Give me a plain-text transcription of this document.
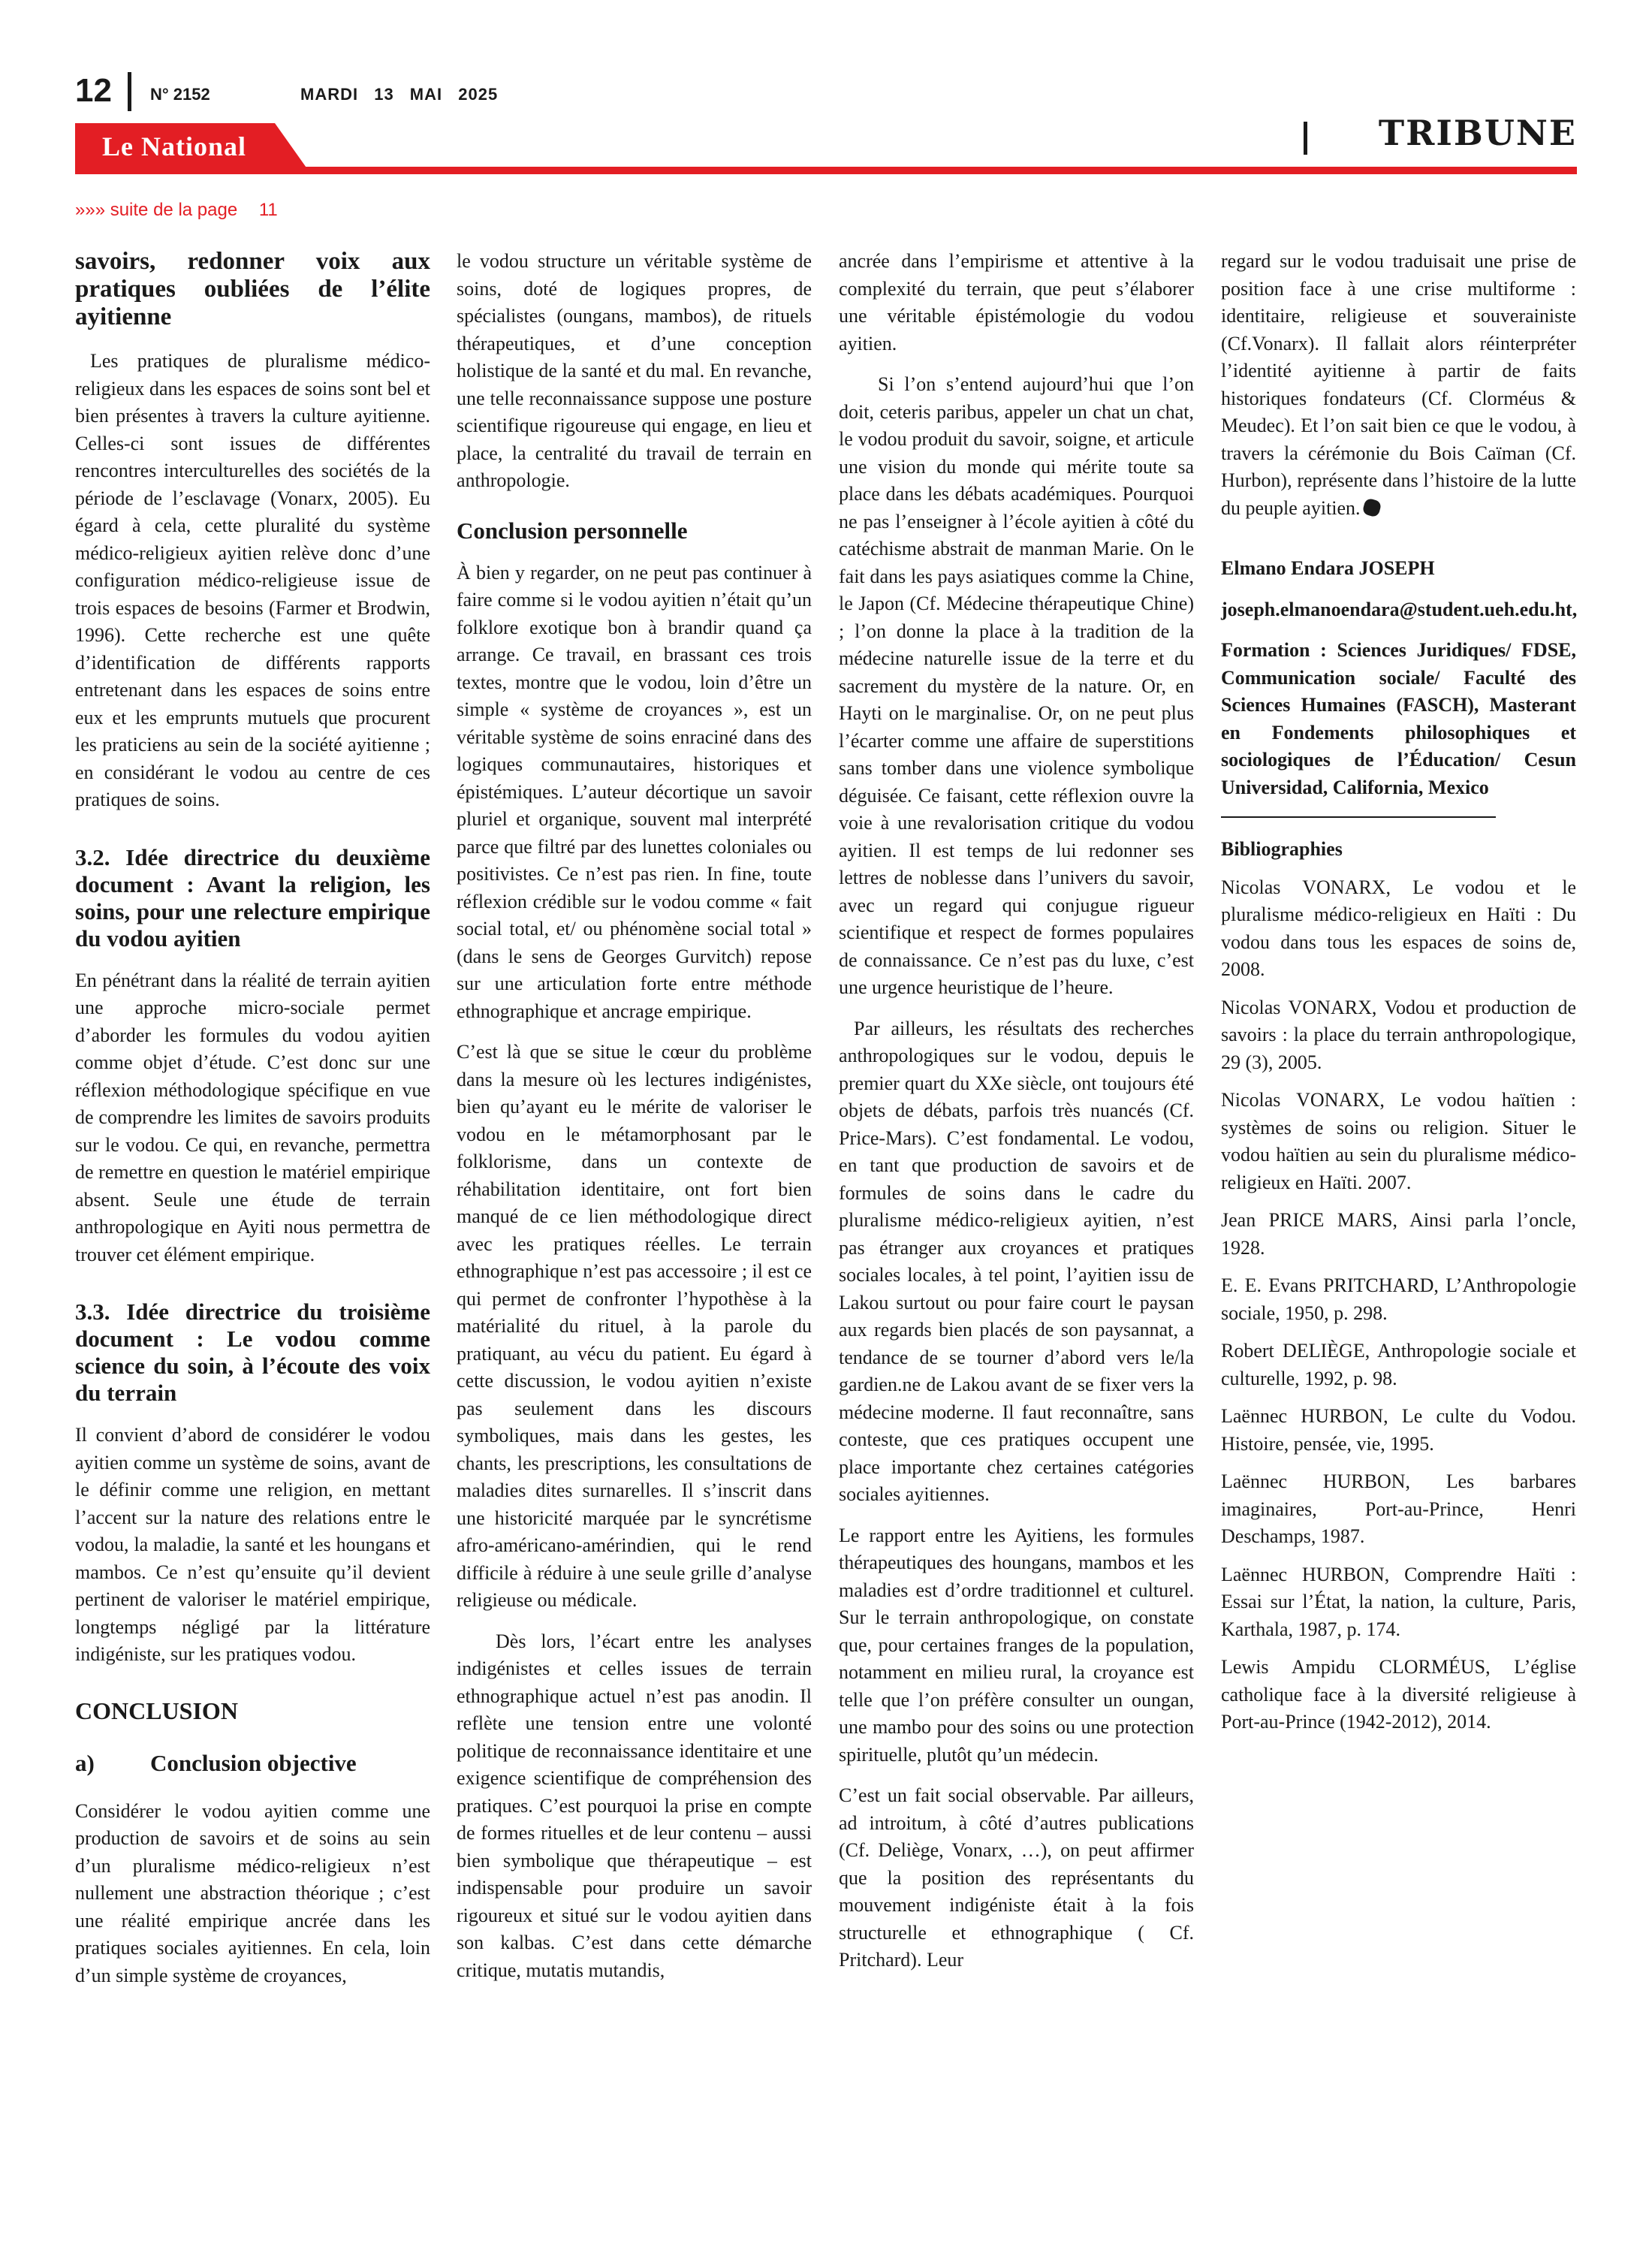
12 N° 2152	MARDI 13 MAI 2025
TRIBUNE
Le National
»»» suite de la page 11
savoirs, redonner voix aux pratiques oubliées de l’élite ayitienne

Les pratiques de pluralisme médico-religieux dans les espaces de soins sont bel et bien présentes à travers la culture ayitienne. Celles-ci sont issues de différentes rencontres interculturelles des sociétés de la période de l’esclavage (Vonarx, 2005). Eu égard à cela, cette pluralité du système médico-religieux ayitien relève donc d’une configuration médico-religieuse issue de trois espaces de besoins (Farmer et Brodwin, 1996). Cette recherche est une quête d’identification de différents rapports entretenant dans les espaces de soins entre eux et les emprunts mutuels que procurent les praticiens au sein de la société ayitienne ; en considérant le vodou au centre de ces pratiques de soins.

3.2. Idée directrice du deuxième document : Avant la religion, les soins, pour une relecture empirique du vodou ayitien

En pénétrant dans la réalité de terrain ayitien une approche micro-sociale permet d’aborder les formules du vodou ayitien comme objet d’étude. C’est donc sur une réflexion méthodologique spécifique en vue de comprendre les limites de savoirs produits sur le vodou. Ce qui, en revanche, permettra de remettre en question le matériel empirique absent. Seule une étude de terrain anthropologique en Ayiti nous permettra de trouver cet élément empirique.

3.3. Idée directrice du troisième document : Le vodou comme science du soin, à l’écoute des voix du terrain

Il convient d’abord de considérer le vodou ayitien comme un système de soins, avant de le définir comme une religion, en mettant l’accent sur la nature des relations entre le vodou, la maladie, la santé et les houngans et mambos. Ce n’est qu’ensuite qu’il devient pertinent de valoriser le matériel empirique, longtemps négligé par la littérature indigéniste, sur les pratiques vodou.

CONCLUSION
a) Conclusion objective

Considérer le vodou ayitien comme une production de savoirs et de soins au sein d’un pluralisme médico-religieux n’est nullement une abstraction théorique ; c’est une réalité empirique ancrée dans les pratiques sociales ayitiennes. En cela, loin d’un simple système de croyances,

le vodou structure un véritable système de soins, doté de logiques propres, de spécialistes (oungans, mambos), de rituels thérapeutiques, et d’une conception holistique de la santé et du mal. En revanche, une telle reconnaissance suppose une posture scientifique rigoureuse qui engage, en lieu et place, la centralité du travail de terrain en anthropologie.

Conclusion personnelle

À bien y regarder, on ne peut pas continuer à faire comme si le vodou ayitien n’était qu’un folklore exotique bon à brandir quand ça arrange. Ce travail, en brassant ces trois textes, montre que le vodou, loin d’être un simple « système de croyances », est un véritable système de soins enraciné dans des logiques communautaires, historiques et épistémiques. L’auteur décortique un savoir pluriel et organique, souvent mal interprété parce que filtré par des lunettes coloniales ou positivistes. Ce n’est pas rien. In fine, toute réflexion crédible sur le vodou comme « fait social total, et/ ou phénomène social total » (dans le sens de Georges Gurvitch) repose sur une articulation forte entre méthode ethnographique et ancrage empirique.

C’est là que se situe le cœur du problème dans la mesure où les lectures indigénistes, bien qu’ayant eu le mérite de valoriser le vodou en le métamorphosant par le folklorisme, dans un contexte de réhabilitation identitaire, ont fort bien manqué de ce lien méthodologique direct avec les pratiques réelles. Le terrain ethnographique n’est pas accessoire ; il est ce qui permet de confronter l’hypothèse à la matérialité du rituel, à la parole du pratiquant, au vécu du patient. Eu égard à cette discussion, le vodou ayitien n’existe pas seulement dans les discours symboliques, mais dans les gestes, les chants, les prescriptions, les consultations de maladies dites surnarelles. Il s’inscrit dans une historicité marquée par le syncrétisme afro-américano-amérindien, qui le rend difficile à réduire à une seule grille d’analyse religieuse ou médicale.

Dès lors, l’écart entre les analyses indigénistes et celles issues de terrain ethnographique actuel n’est pas anodin. Il reflète une tension entre une volonté politique de reconnaissance identitaire et une exigence scientifique de compréhension des pratiques. C’est pourquoi la prise en compte de formes rituelles et de leur contenu – aussi bien symbolique que thérapeutique – est indispensable pour produire un savoir rigoureux et situé sur le vodou ayitien dans son kalbas. C’est dans cette démarche critique, mutatis mutandis,

ancrée dans l’empirisme et attentive à la complexité du terrain, que peut s’élaborer une véritable épistémologie du vodou ayitien.

Si l’on s’entend aujourd’hui que l’on doit, ceteris paribus, appeler un chat un chat, le vodou produit du savoir, soigne, et articule une vision du monde qui mérite toute sa place dans les débats académiques. Pourquoi ne pas l’enseigner à l’école ayitien à côté du catéchisme abstrait de manman Marie. On le fait dans les pays asiatiques comme la Chine, le Japon (Cf. Médecine thérapeutique Chine) ; l’on donne la place à la tradition de la médecine naturelle issue de la terre et du sacrement du mystère de la nature. Or, en Hayti on le marginalise. Or, on ne peut plus l’écarter comme une affaire de superstitions sans tomber dans une violence symbolique déguisée. Ce faisant, cette réflexion ouvre la voie à une revalorisation critique du vodou ayitien. Il est temps de lui redonner ses lettres de noblesse dans l’univers du savoir, avec un regard qui conjugue rigueur scientifique et respect de formes populaires de connaissance. Ce n’est pas du luxe, c’est une urgence heuristique de l’heure.

Par ailleurs, les résultats des recherches anthropologiques sur le vodou, depuis le premier quart du XXe siècle, ont toujours été objets de débats, parfois très nuancés (Cf. Price-Mars). C’est fondamental. Le vodou, en tant que production de savoirs et de formules de soins dans le cadre du pluralisme médico-religieux ayitien, n’est pas étranger aux croyances et pratiques sociales locales, à tel point, l’ayitien issu de Lakou surtout ou pour faire court le paysan aux regards bien placés de son paysannat, a tendance de se tourner d’abord vers le/la gardien.ne de Lakou avant de se fixer vers la médecine moderne. Il faut reconnaître, sans conteste, que ces pratiques occupent une place importante chez certaines catégories sociales ayitiennes.

Le rapport entre les Ayitiens, les formules thérapeutiques des houngans, mambos et les maladies est d’ordre traditionnel et culturel. Sur le terrain anthropologique, on constate que, pour certaines franges de la population, notamment en milieu rural, la croyance est telle que l’on préfère consulter un oungan, une mambo pour des soins ou une protection spirituelle, plutôt qu’un médecin.

C’est un fait social observable. Par ailleurs, ad introitum, à côté d’autres publications (Cf. Deliège, Vonarx, …), on peut affirmer que la position des représentants du mouvement indigéniste était à la fois structurelle et ethnographique ( Cf. Pritchard). Leur

regard sur le vodou traduisait une prise de position face à une crise multiforme : identitaire, religieuse et souverainiste (Cf.Vonarx). Il fallait alors réinterpréter l’identité ayitienne à partir de faits historiques fondateurs (Cf. Clorméus & Meudec). Et l’on sait bien ce que le vodou, à travers la cérémonie du Bois Caïman (Cf. Hurbon), représente dans l’histoire de la lutte du peuple ayitien.

Elmano Endara JOSEPH

joseph.elmanoendara@student.ueh.edu.ht,

Formation : Sciences Juridiques/ FDSE, Communication sociale/ Faculté des Sciences Humaines (FASCH), Masterant en Fondements philosophiques et sociologiques de l’Éducation/ Cesun Universidad, California, Mexico

Bibliographies

Nicolas VONARX, Le vodou et le pluralisme médico-religieux en Haïti : Du vodou dans tous les espaces de soins de, 2008.

Nicolas VONARX, Vodou et production de savoirs : la place du terrain anthropologique, 29 (3), 2005.

Nicolas VONARX, Le vodou haïtien : systèmes de soins ou religion. Situer le vodou haïtien au sein du pluralisme médico-religieux en Haïti. 2007.

Jean PRICE MARS, Ainsi parla l’oncle, 1928.

E. E. Evans PRITCHARD, L’Anthropologie sociale, 1950, p. 298.

Robert DELIÈGE, Anthropologie sociale et culturelle, 1992, p. 98.

Laënnec HURBON, Le culte du Vodou. Histoire, pensée, vie, 1995.

Laënnec HURBON, Les barbares imaginaires, Port-au-Prince, Henri Deschamps, 1987.

Laënnec HURBON, Comprendre Haïti : Essai sur l’État, la nation, la culture, Paris, Karthala, 1987, p. 174.

Lewis Ampidu CLORMÉUS, L’église catholique face à la diversité religieuse à Port-au-Prince (1942-2012), 2014.
